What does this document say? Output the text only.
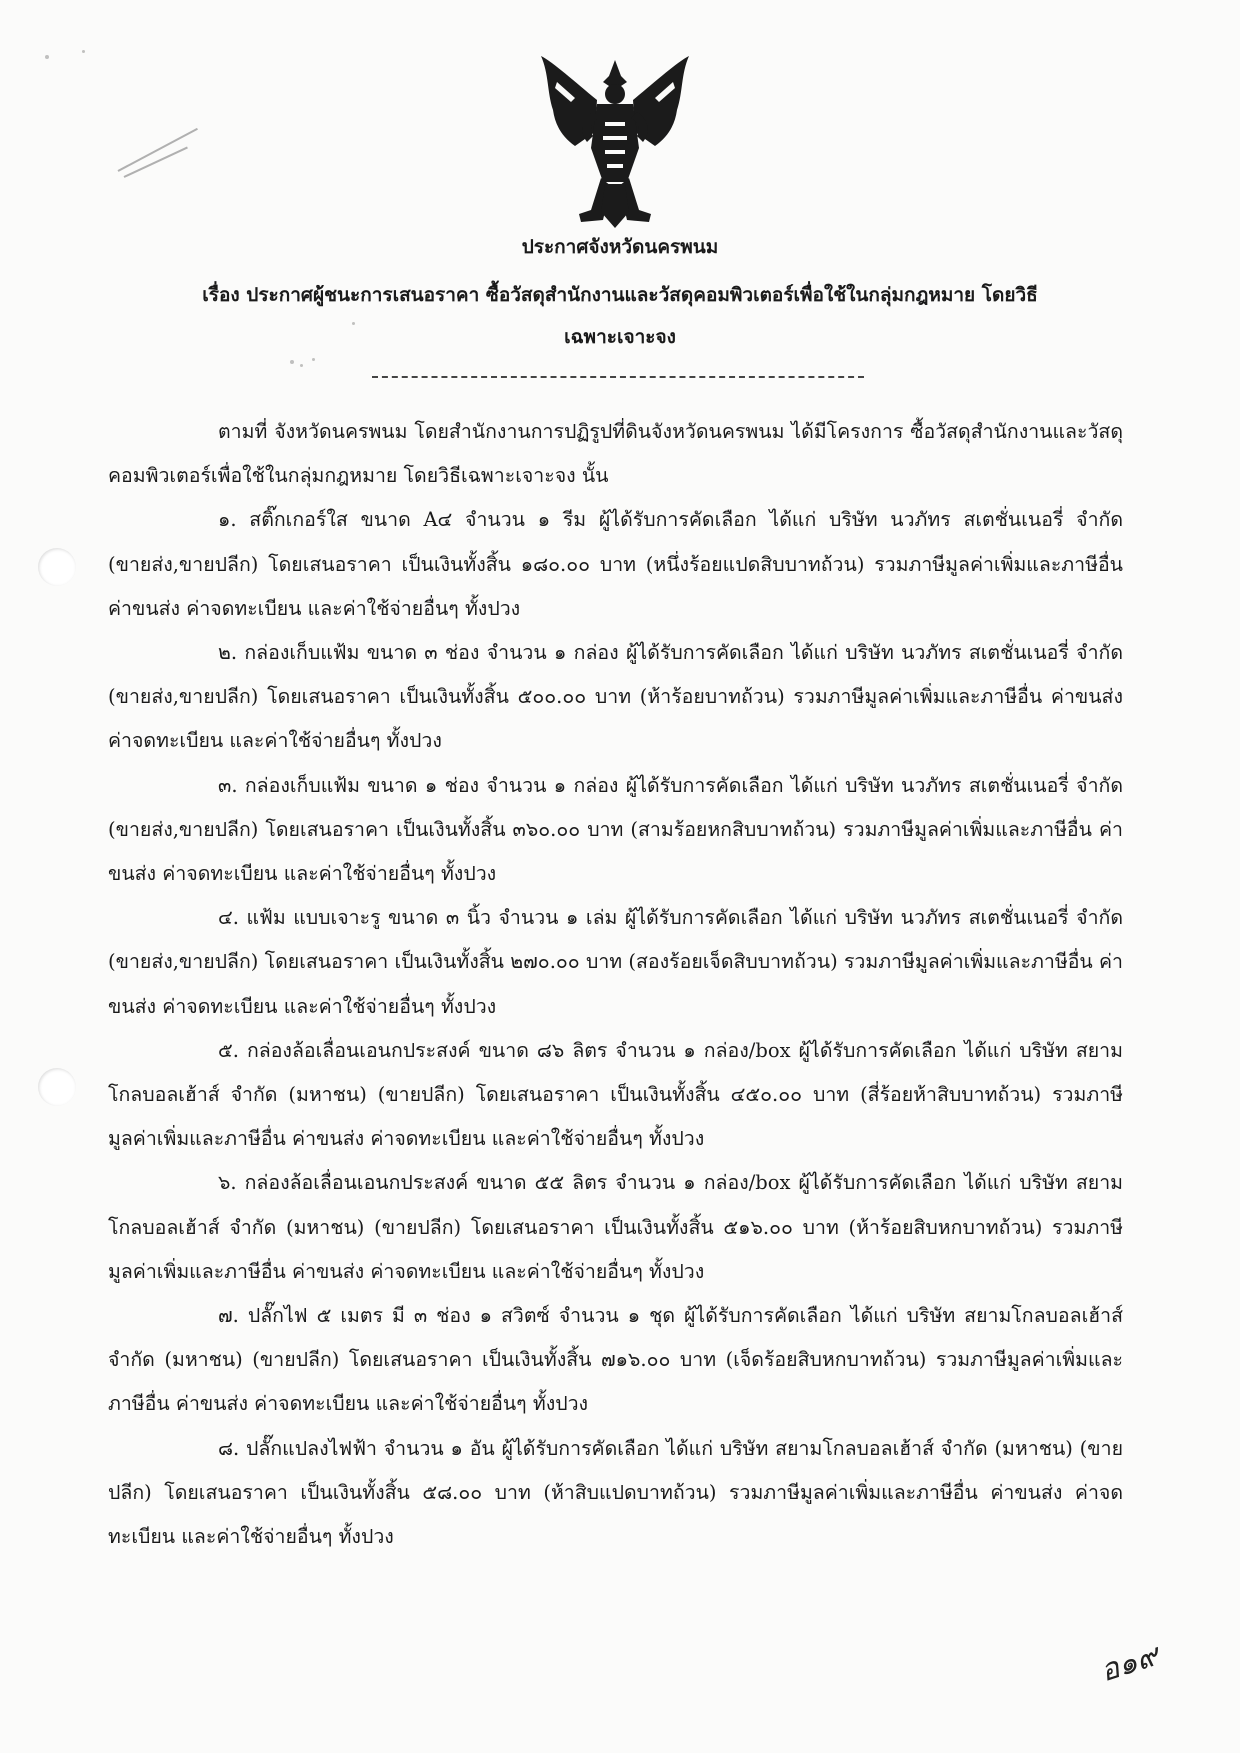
ประกาศจังหวัดนครพนม
เรื่อง ประกาศผู้ชนะการเสนอราคา ซื้อวัสดุสำนักงานและวัสดุคอมพิวเตอร์เพื่อใช้ในกลุ่มกฎหมาย โดยวิธี
เฉพาะเจาะจง

ตามที่ จังหวัดนครพนม โดยสำนักงานการปฏิรูปที่ดินจังหวัดนครพนม ได้มีโครงการ ซื้อวัสดุสำนักงานและวัสดุคอมพิวเตอร์เพื่อใช้ในกลุ่มกฎหมาย โดยวิธีเฉพาะเจาะจง นั้น

๑. สติ๊กเกอร์ใส ขนาด A๔ จำนวน ๑ รีม ผู้ได้รับการคัดเลือก ได้แก่ บริษัท นวภัทร สเตชั่นเนอรี่ จำกัด (ขายส่ง,ขายปลีก) โดยเสนอราคา เป็นเงินทั้งสิ้น ๑๘๐.๐๐ บาท (หนึ่งร้อยแปดสิบบาทถ้วน) รวมภาษีมูลค่าเพิ่มและภาษีอื่น ค่าขนส่ง ค่าจดทะเบียน และค่าใช้จ่ายอื่นๆ ทั้งปวง

๒. กล่องเก็บแฟ้ม ขนาด ๓ ช่อง จำนวน ๑ กล่อง ผู้ได้รับการคัดเลือก ได้แก่ บริษัท นวภัทร สเตชั่นเนอรี่ จำกัด (ขายส่ง,ขายปลีก) โดยเสนอราคา เป็นเงินทั้งสิ้น ๕๐๐.๐๐ บาท (ห้าร้อยบาทถ้วน) รวมภาษีมูลค่าเพิ่มและภาษีอื่น ค่าขนส่ง ค่าจดทะเบียน และค่าใช้จ่ายอื่นๆ ทั้งปวง

๓. กล่องเก็บแฟ้ม ขนาด ๑ ช่อง จำนวน ๑ กล่อง ผู้ได้รับการคัดเลือก ได้แก่ บริษัท นวภัทร สเตชั่นเนอรี่ จำกัด (ขายส่ง,ขายปลีก) โดยเสนอราคา เป็นเงินทั้งสิ้น ๓๖๐.๐๐ บาท (สามร้อยหกสิบบาทถ้วน) รวมภาษีมูลค่าเพิ่มและภาษีอื่น ค่าขนส่ง ค่าจดทะเบียน และค่าใช้จ่ายอื่นๆ ทั้งปวง

๔. แฟ้ม แบบเจาะรู ขนาด ๓ นิ้ว จำนวน ๑ เล่ม ผู้ได้รับการคัดเลือก ได้แก่ บริษัท นวภัทร สเตชั่นเนอรี่ จำกัด (ขายส่ง,ขายปลีก) โดยเสนอราคา เป็นเงินทั้งสิ้น ๒๗๐.๐๐ บาท (สองร้อยเจ็ดสิบบาทถ้วน) รวมภาษีมูลค่าเพิ่มและภาษีอื่น ค่าขนส่ง ค่าจดทะเบียน และค่าใช้จ่ายอื่นๆ ทั้งปวง

๕. กล่องล้อเลื่อนเอนกประสงค์ ขนาด ๘๖ ลิตร จำนวน ๑ กล่อง/box ผู้ได้รับการคัดเลือก ได้แก่ บริษัท สยามโกลบอลเฮ้าส์ จำกัด (มหาชน) (ขายปลีก) โดยเสนอราคา เป็นเงินทั้งสิ้น ๔๕๐.๐๐ บาท (สี่ร้อยห้าสิบบาทถ้วน) รวมภาษีมูลค่าเพิ่มและภาษีอื่น ค่าขนส่ง ค่าจดทะเบียน และค่าใช้จ่ายอื่นๆ ทั้งปวง

๖. กล่องล้อเลื่อนเอนกประสงค์ ขนาด ๕๕ ลิตร จำนวน ๑ กล่อง/box ผู้ได้รับการคัดเลือก ได้แก่ บริษัท สยามโกลบอลเฮ้าส์ จำกัด (มหาชน) (ขายปลีก) โดยเสนอราคา เป็นเงินทั้งสิ้น ๕๑๖.๐๐ บาท (ห้าร้อยสิบหกบาทถ้วน) รวมภาษีมูลค่าเพิ่มและภาษีอื่น ค่าขนส่ง ค่าจดทะเบียน และค่าใช้จ่ายอื่นๆ ทั้งปวง

๗. ปลั๊กไฟ ๕ เมตร มี ๓ ช่อง ๑ สวิตซ์ จำนวน ๑ ชุด ผู้ได้รับการคัดเลือก ได้แก่ บริษัท สยามโกลบอลเฮ้าส์ จำกัด (มหาชน) (ขายปลีก) โดยเสนอราคา เป็นเงินทั้งสิ้น ๗๑๖.๐๐ บาท (เจ็ดร้อยสิบหกบาทถ้วน) รวมภาษีมูลค่าเพิ่มและภาษีอื่น ค่าขนส่ง ค่าจดทะเบียน และค่าใช้จ่ายอื่นๆ ทั้งปวง

๘. ปลั๊กแปลงไฟฟ้า จำนวน ๑ อัน ผู้ได้รับการคัดเลือก ได้แก่ บริษัท สยามโกลบอลเฮ้าส์ จำกัด (มหาชน) (ขายปลีก) โดยเสนอราคา เป็นเงินทั้งสิ้น ๕๘.๐๐ บาท (ห้าสิบแปดบาทถ้วน) รวมภาษีมูลค่าเพิ่มและภาษีอื่น ค่าขนส่ง ค่าจดทะเบียน และค่าใช้จ่ายอื่นๆ ทั้งปวง

อ๑๙
